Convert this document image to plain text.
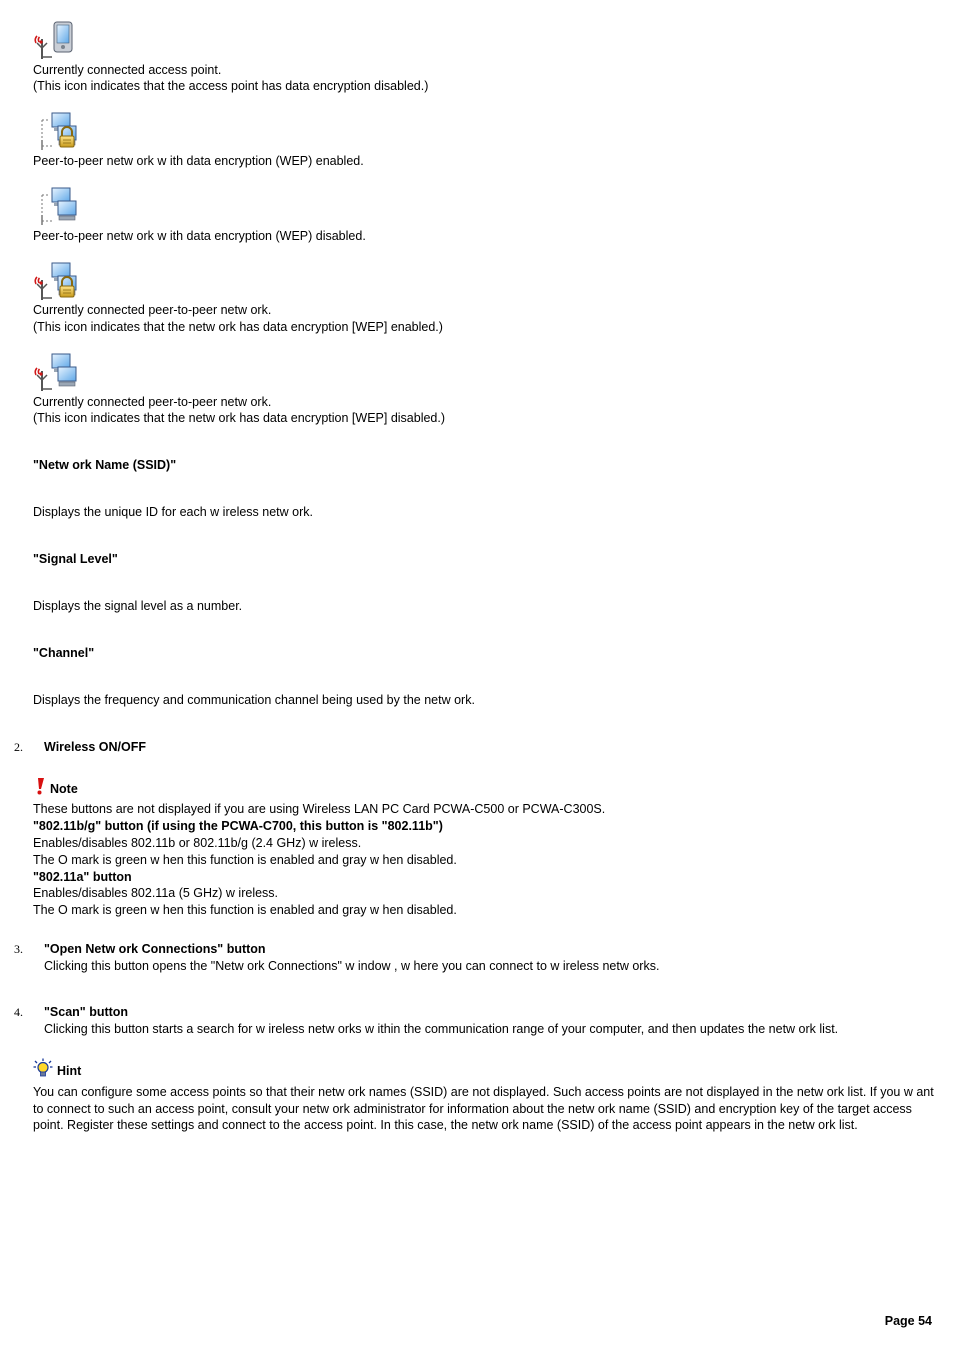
Currently connected access point.
(This icon indicates that the access point has data encryption disabled.)
Peer-to-peer netw ork w ith data encryption (WEP) enabled.
Peer-to-peer netw ork w ith data encryption (WEP) disabled.
Currently connected peer-to-peer netw ork.
(This icon indicates that the netw ork has data encryption [WEP] enabled.)
Currently connected peer-to-peer netw ork.
(This icon indicates that the netw ork has data encryption [WEP] disabled.)
"Netw ork Name (SSID)"
Displays the unique ID for each w ireless netw ork.
"Signal Level"
Displays the signal level as a number.
"Channel"
Displays the frequency and communication channel being used by the netw ork.
2. Wireless ON/OFF
Note
These buttons are not displayed if you are using Wireless LAN PC Card PCWA-C500 or PCWA-C300S.
"802.11b/g" button (if using the PCWA-C700, this button is "802.11b")
Enables/disables 802.11b or 802.11b/g (2.4 GHz) w ireless.
The O mark is green w hen this function is enabled and gray w hen disabled.
"802.11a" button
Enables/disables 802.11a (5 GHz) w ireless.
The O mark is green w hen this function is enabled and gray w hen disabled.
3. "Open Netw ork Connections" button
Clicking this button opens the "Netw ork Connections" w indow , w here you can connect to w ireless netw orks.
4. "Scan" button
Clicking this button starts a search for w ireless netw orks w ithin the communication range of your computer, and then updates the netw ork list.
Hint
You can configure some access points so that their netw ork names (SSID) are not displayed. Such access points are not displayed in the netw ork list. If you w ant to connect to such an access point, consult your netw ork administrator for information about the netw ork name (SSID) and encryption key of the target access point. Register these settings and connect to the access point. In this case, the netw ork name (SSID) of the access point appears in the netw ork list.
Page 54
